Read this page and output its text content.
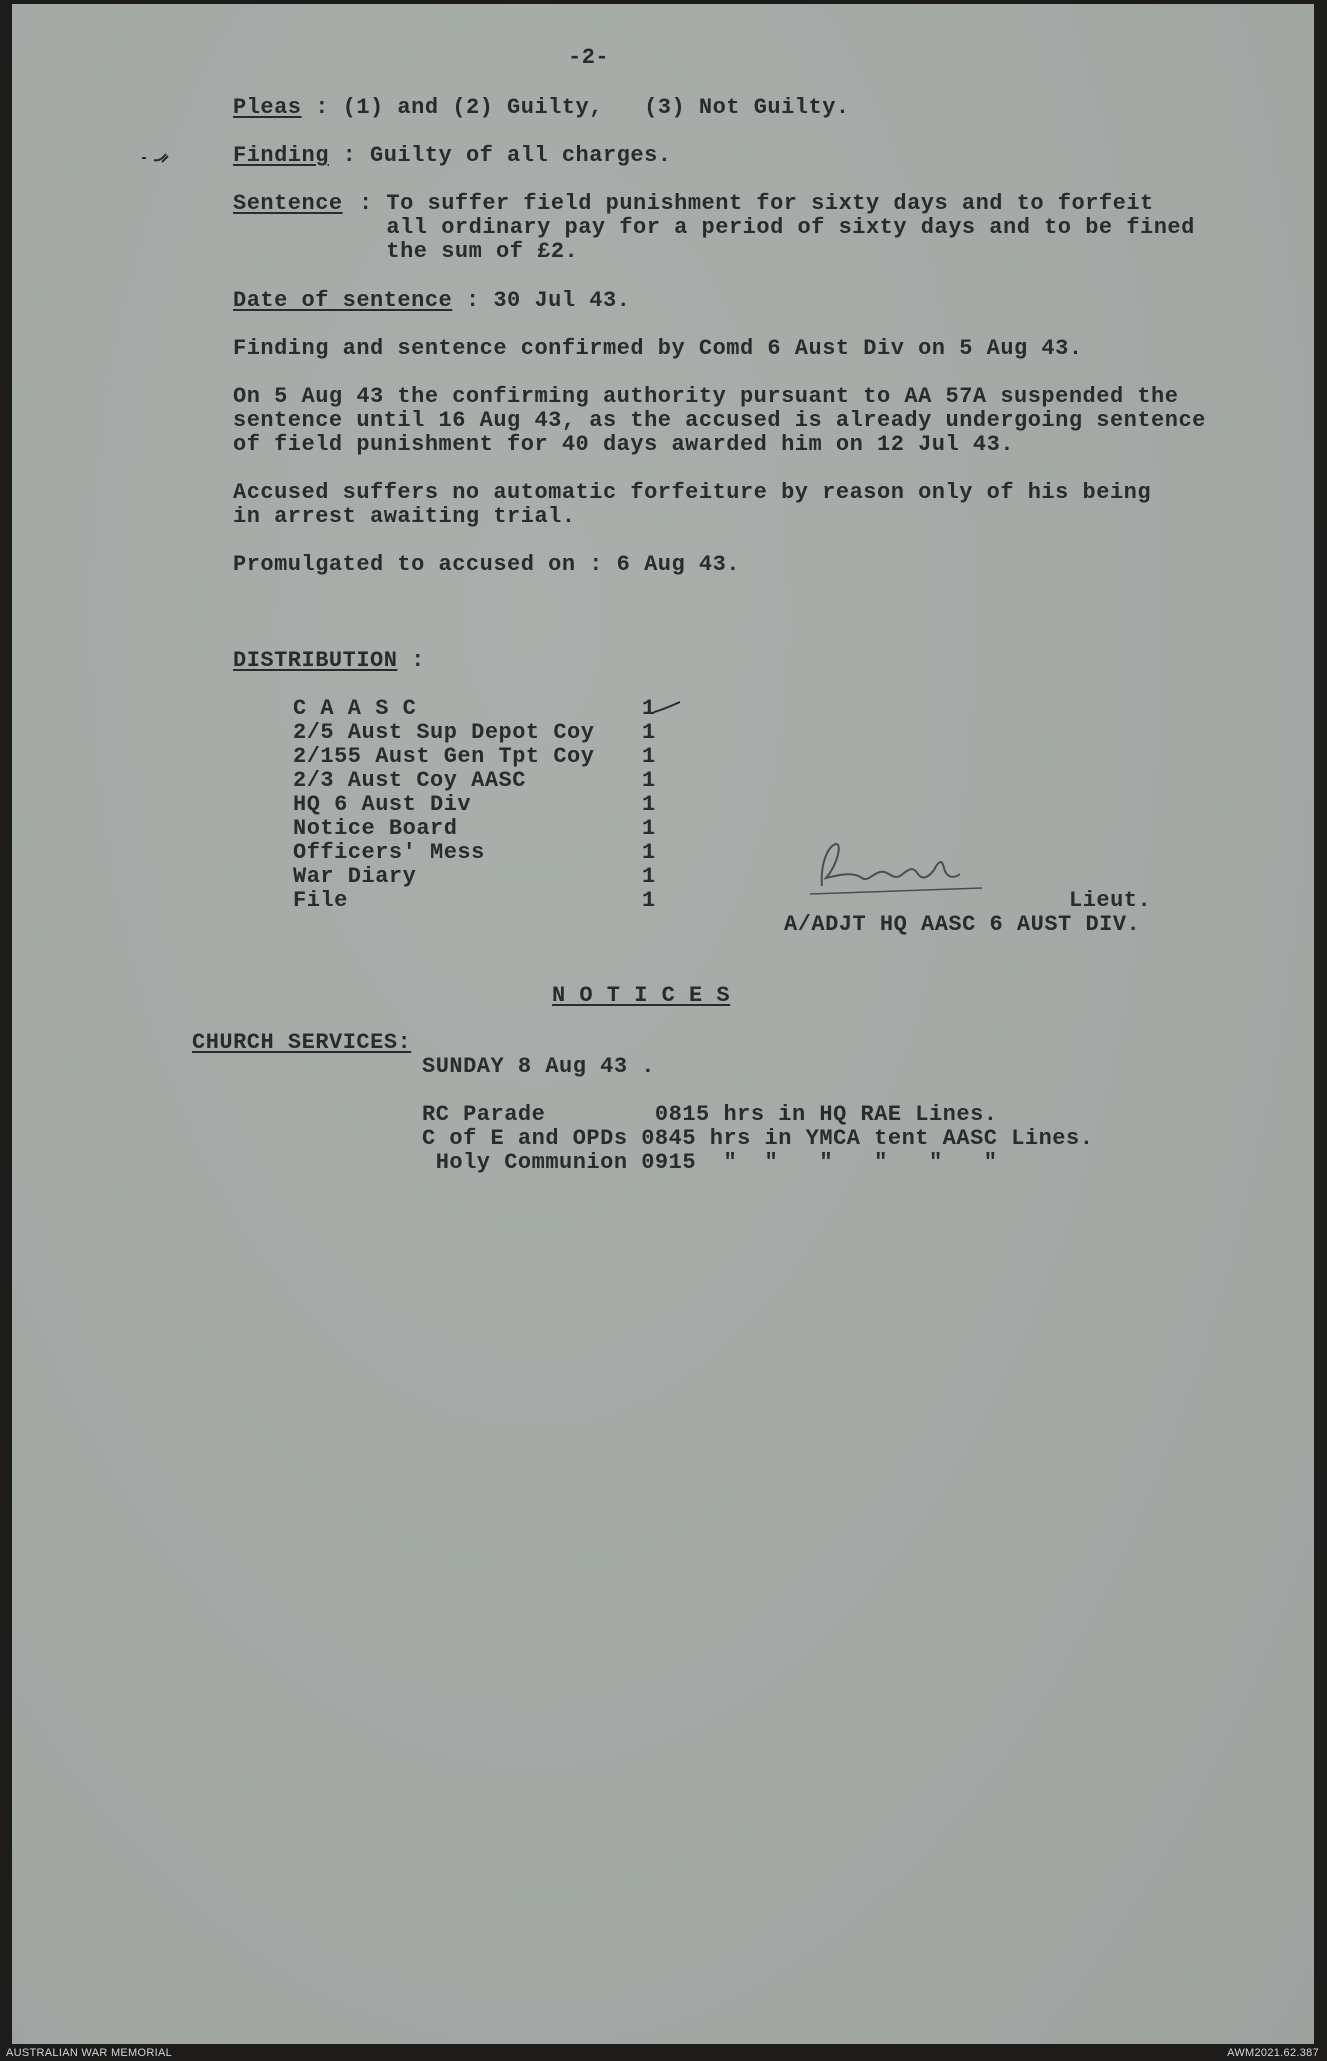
-2-
Pleas : (1) and (2) Guilty,   (3) Not Guilty.
Finding : Guilty of all charges.
Sentence : To suffer field punishment for sixty days and to forfeit
all ordinary pay for a period of sixty days and to be fined
the sum of £2.
Date of sentence : 30 Jul 43.
Finding and sentence confirmed by Comd 6 Aust Div on 5 Aug 43.
On 5 Aug 43 the confirming authority pursuant to AA 57A suspended the
sentence until 16 Aug 43, as the accused is already undergoing sentence
of field punishment for 40 days awarded him on 12 Jul 43.
Accused suffers no automatic forfeiture by reason only of his being
in arrest awaiting trial.
Promulgated to accused on : 6 Aug 43.
DISTRIBUTION :
C A A S C	1
2/5 Aust Sup Depot Coy 1
2/155 Aust Gen Tpt Coy 1
2/3 Aust Coy AASC	1
HQ 6 Aust Div	1
Notice Board	1
Officers' Mess	1
War Diary	1
File	1	Lieut.
A/ADJT HQ AASC 6 AUST DIV.
N O T I C E S
CHURCH SERVICES:
SUNDAY 8 Aug 43 .
RC Parade        0815 hrs in HQ RAE Lines.
C of E and OPDs 0845 hrs in YMCA tent AASC Lines.
Holy Communion 0915  "  "   "   "   "   "
AUSTRALIAN WAR MEMORIAL	AWM2021.62.387
